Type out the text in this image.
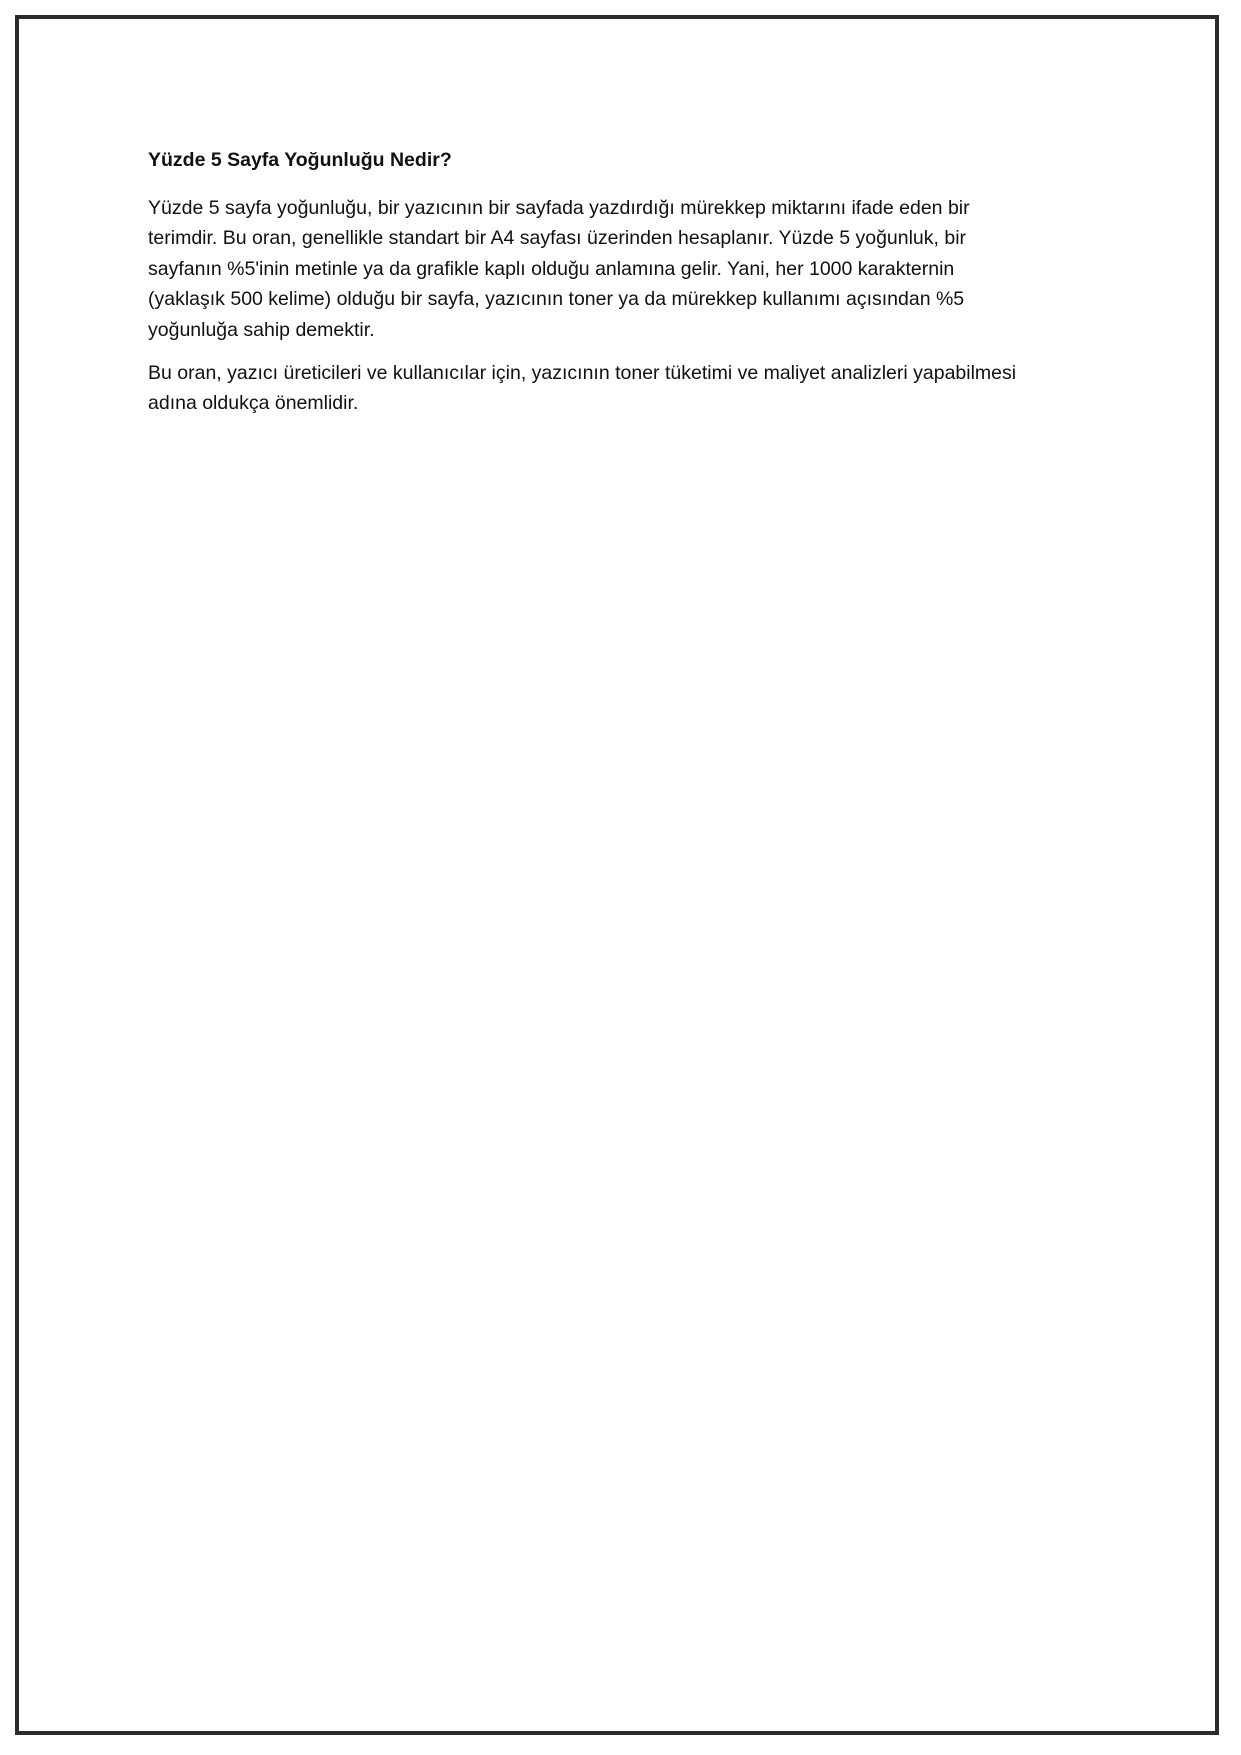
Yüzde 5 Sayfa Yoğunluğu Nedir?
Yüzde 5 sayfa yoğunluğu, bir yazıcının bir sayfada yazdırdığı mürekkep miktarını ifade eden bir
terimdir. Bu oran, genellikle standart bir A4 sayfası üzerinden hesaplanır. Yüzde 5 yoğunluk, bir
sayfanın %5'inin metinle ya da grafikle kaplı olduğu anlamına gelir. Yani, her 1000 karakternin
(yaklaşık 500 kelime) olduğu bir sayfa, yazıcının toner ya da mürekkep kullanımı açısından %5
yoğunluğa sahip demektir.
Bu oran, yazıcı üreticileri ve kullanıcılar için, yazıcının toner tüketimi ve maliyet analizleri yapabilmesi
adına oldukça önemlidir.
